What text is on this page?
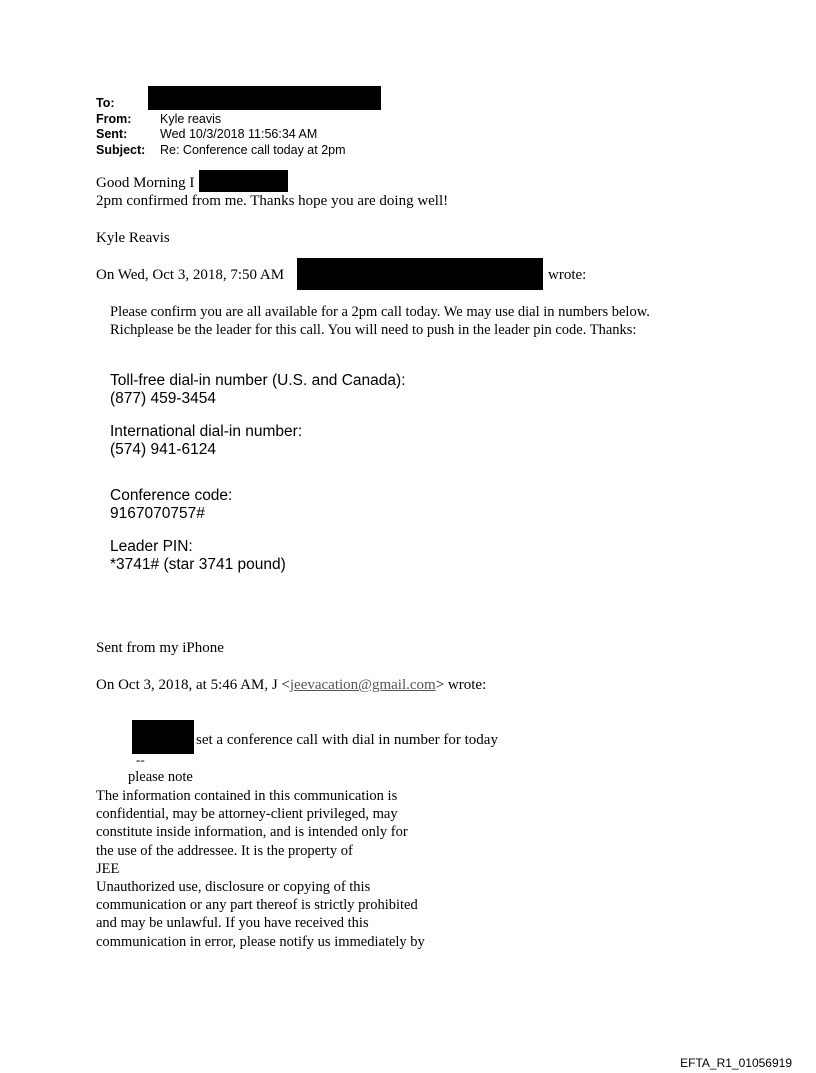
To:
From: Kyle reavis
Sent:	Wed 10/3/2018 11:56:34 AM
Subject: Re: Conference call today at 2pm
Good Morning I
2pm confirmed from me. Thanks hope you are doing well!
Kyle Reavis
On Wed, Oct 3, 2018, 7:50 AM	wrote:
Please confirm you are all available for a 2pm call today. We may use dial in numbers below.
Richplease be the leader for this call. You will need to push in the leader pin code. Thanks:
Toll-free dial-in number (U.S. and Canada):
(877) 459-3454
International dial-in number:
(574) 941-6124
Conference code:
9167070757#
Leader PIN:
*3741# (star 3741 pound)
Sent from my iPhone
On Oct 3, 2018, at 5:46 AM, J <jeevacation@gmail.com> wrote:
set a conference call with dial in number for today
--
please note
The information contained in this communication is
confidential, may be attorney-client privileged, may
constitute inside information, and is intended only for
the use of the addressee. It is the property of
JEE
Unauthorized use, disclosure or copying of this
communication or any part thereof is strictly prohibited
and may be unlawful. If you have received this
communication in error, please notify us immediately by
EFTA_R1_01056919
